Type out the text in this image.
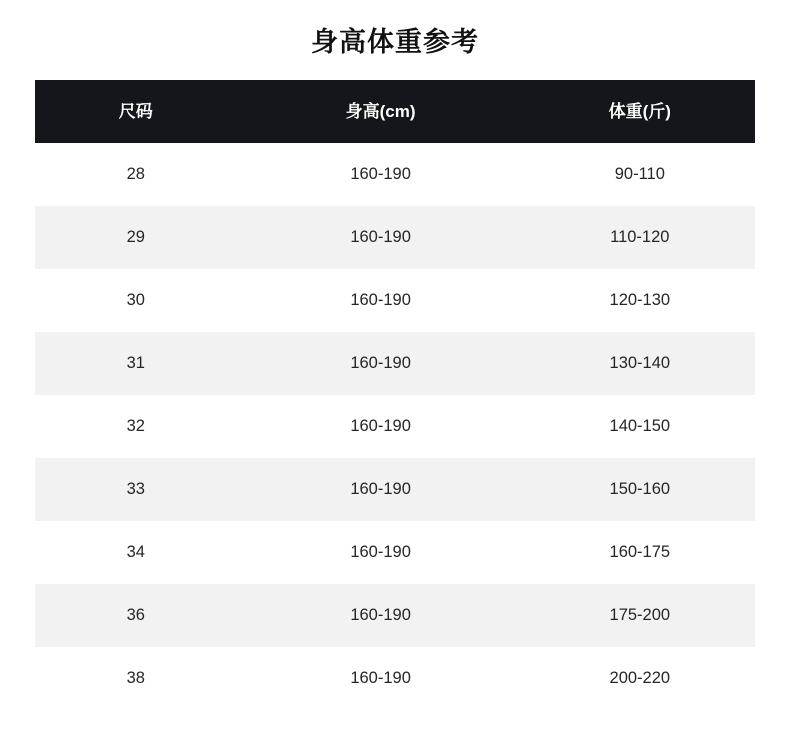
身高体重参考
尺码	身高(cm)	体重(斤)
28	160-190	90-110
29	160-190	110-120
30	160-190	120-130
31	160-190	130-140
32	160-190	140-150
33	160-190	150-160
34	160-190	160-175
36	160-190	175-200
38	160-190	200-220
